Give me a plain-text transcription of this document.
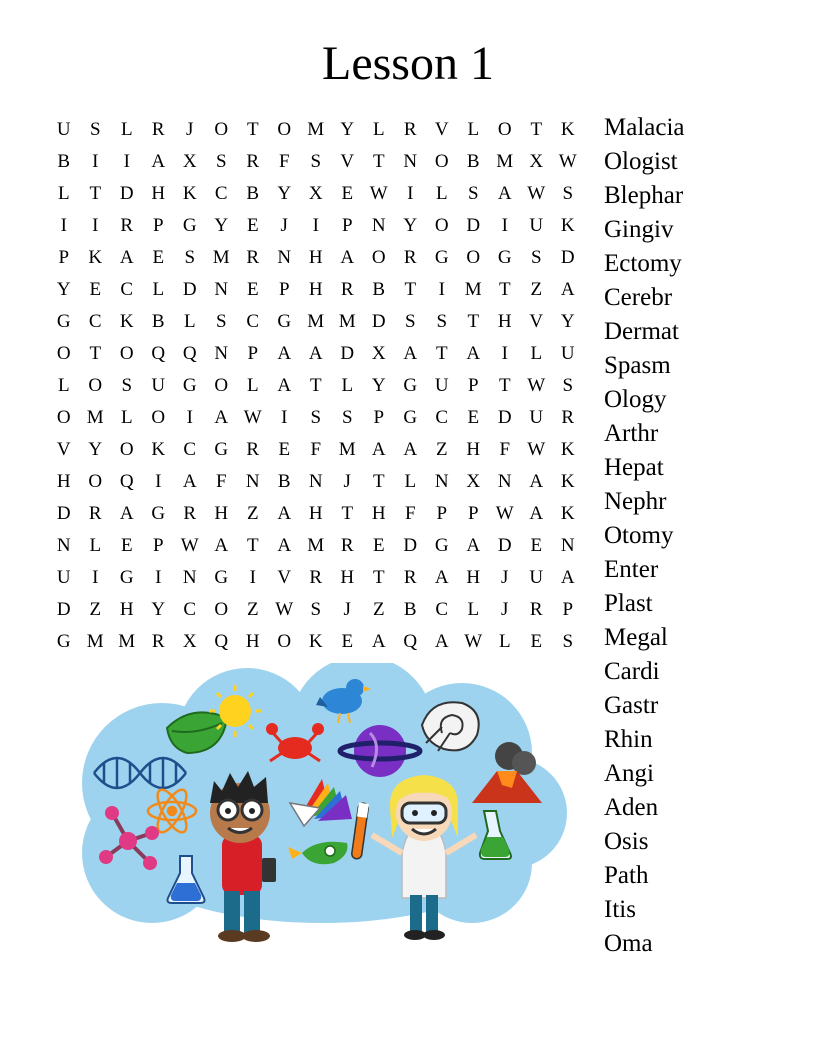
Lesson 1
U	S	L	R	J	O T O M Y L	R V L O T K
B	I	I	A X	S	R	F	S	V T N O B M X W
L	T D H K C B Y X E W	I	L	S	A W S
I	I	R	P	G Y E	J	I	P	N Y O D	I	U K
P	K A E	S M R N H A O R G O G	S	D
Y E	C	L D N E	P	H R B	T	I	M T	Z A
G C K B	L	S	C G M M D	S	S	T H V Y
O T O Q Q N	P	A A D X A T A	I	L U
L O	S	U G O L A T	L Y G U	P	T W S
O M L O	I	A W	I	S	S	P	G C	E D U R
V Y O K C G R	E	F M A A Z H	F W K
H O Q	I	A	F	N B N	J	T	L N X N A K
D R A G R H Z A H T H	F	P	P W A K
N L	E	P W A T A M R	E D G A D E N
U	I	G	I	N G	I	V R H T	R A H	J	U A
D Z H Y C O Z W S	J	Z	B C	L	J	R	P
G M M R X Q H O K E A Q A W L	E	S
Malacia
Ologist
Blephar
Gingiv
Ectomy
Cerebr
Dermat
Spasm
Ology
Arthr
Hepat
Nephr
Otomy
Enter
Plast
Megal
Cardi
Gastr
Rhin
Angi
Aden
Osis
Path
Itis
Oma
